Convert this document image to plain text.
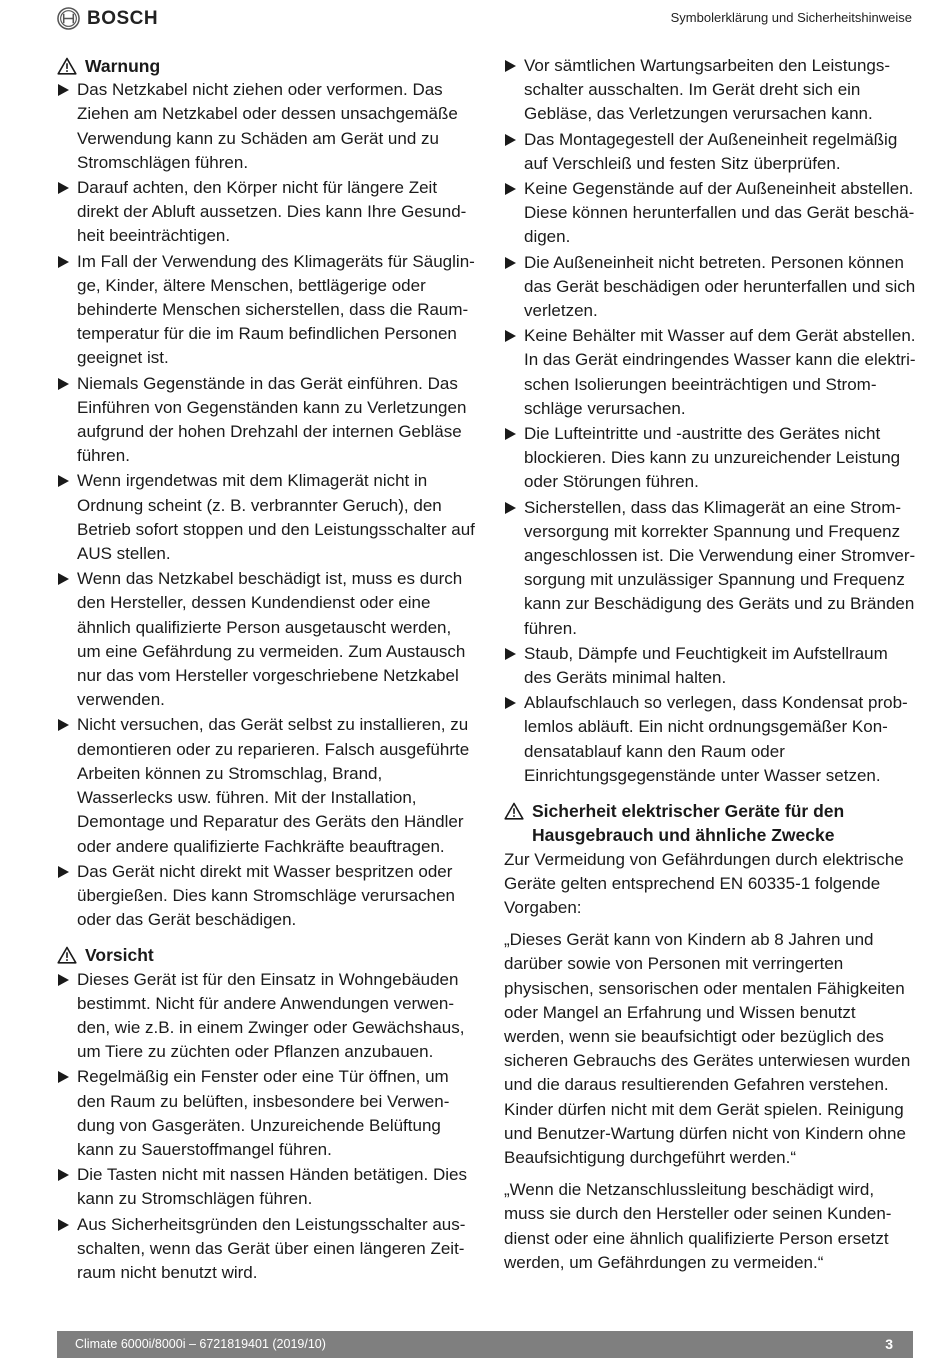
BOSCH	Symbolerklärung und Sicherheitshinweise
Warnung
Das Netzkabel nicht ziehen oder verformen. Das Ziehen am Netzkabel oder dessen unsachgemäße Verwendung kann zu Schäden am Gerät und zu Stromschlägen führen.
Darauf achten, den Körper nicht für längere Zeit direkt der Abluft aussetzen. Dies kann Ihre Gesundheit beeinträchtigen.
Im Fall der Verwendung des Klimageräts für Säuglinge, Kinder, ältere Menschen, bettlägerige oder behinderte Menschen sicherstellen, dass die Raumtemperatur für die im Raum befindlichen Personen geeignet ist.
Niemals Gegenstände in das Gerät einführen. Das Einführen von Gegenständen kann zu Verletzungen aufgrund der hohen Drehzahl der internen Gebläse führen.
Wenn irgendetwas mit dem Klimagerät nicht in Ordnung scheint (z. B. verbrannter Geruch), den Betrieb sofort stoppen und den Leistungsschalter auf AUS stellen.
Wenn das Netzkabel beschädigt ist, muss es durch den Hersteller, dessen Kundendienst oder eine ähnlich qualifizierte Person ausgetauscht werden, um eine Gefährdung zu vermeiden. Zum Austausch nur das vom Hersteller vorgeschriebene Netzkabel verwenden.
Nicht versuchen, das Gerät selbst zu installieren, zu demontieren oder zu reparieren. Falsch ausgeführte Arbeiten können zu Stromschlag, Brand, Wasserlecks usw. führen. Mit der Installation, Demontage und Reparatur des Geräts den Händler oder andere qualifizierte Fachkräfte beauftragen.
Das Gerät nicht direkt mit Wasser bespritzen oder übergießen. Dies kann Stromschläge verursachen oder das Gerät beschädigen.
Vorsicht
Dieses Gerät ist für den Einsatz in Wohngebäuden bestimmt. Nicht für andere Anwendungen verwenden, wie z.B. in einem Zwinger oder Gewächshaus, um Tiere zu züchten oder Pflanzen anzubauen.
Regelmäßig ein Fenster oder eine Tür öffnen, um den Raum zu belüften, insbesondere bei Verwendung von Gasgeräten. Unzureichende Belüftung kann zu Sauerstoffmangel führen.
Die Tasten nicht mit nassen Händen betätigen. Dies kann zu Stromschlägen führen.
Aus Sicherheitsgründen den Leistungsschalter ausschalten, wenn das Gerät über einen längeren Zeitraum nicht benutzt wird.
Vor sämtlichen Wartungsarbeiten den Leistungsschalter ausschalten. Im Gerät dreht sich ein Gebläse, das Verletzungen verursachen kann.
Das Montagegestell der Außeneinheit regelmäßig auf Verschleiß und festen Sitz überprüfen.
Keine Gegenstände auf der Außeneinheit abstellen. Diese können herunterfallen und das Gerät beschädigen.
Die Außeneinheit nicht betreten. Personen können das Gerät beschädigen oder herunterfallen und sich verletzen.
Keine Behälter mit Wasser auf dem Gerät abstellen. In das Gerät eindringendes Wasser kann die elektrischen Isolierungen beeinträchtigen und Stromschläge verursachen.
Die Lufteintritte und -austritte des Gerätes nicht blockieren. Dies kann zu unzureichender Leistung oder Störungen führen.
Sicherstellen, dass das Klimagerät an eine Stromversorgung mit korrekter Spannung und Frequenz angeschlossen ist. Die Verwendung einer Stromversorgung mit unzulässiger Spannung und Frequenz kann zur Beschädigung des Geräts und zu Bränden führen.
Staub, Dämpfe und Feuchtigkeit im Aufstellraum des Geräts minimal halten.
Ablaufschlauch so verlegen, dass Kondensat problemlos abläuft. Ein nicht ordnungsgemäßer Kondensatablauf kann den Raum oder Einrichtungsgegenstände unter Wasser setzen.
Sicherheit elektrischer Geräte für den Hausgebrauch und ähnliche Zwecke

Zur Vermeidung von Gefährdungen durch elektrische Geräte gelten entsprechend EN 60335-1 folgende Vorgaben:

„Dieses Gerät kann von Kindern ab 8 Jahren und darüber sowie von Personen mit verringerten physischen, sensorischen oder mentalen Fähigkeiten oder Mangel an Erfahrung und Wissen benutzt werden, wenn sie beaufsichtigt oder bezüglich des sicheren Gebrauchs des Gerätes unterwiesen wurden und die daraus resultierenden Gefahren verstehen. Kinder dürfen nicht mit dem Gerät spielen. Reinigung und Benutzer-Wartung dürfen nicht von Kindern ohne Beaufsichtigung durchgeführt werden.“

„Wenn die Netzanschlussleitung beschädigt wird, muss sie durch den Hersteller oder seinen Kundendienst oder eine ähnlich qualifizierte Person ersetzt werden, um Gefährdungen zu vermeiden.“

Climate 6000i/8000i – 6721819401 (2019/10)	3
